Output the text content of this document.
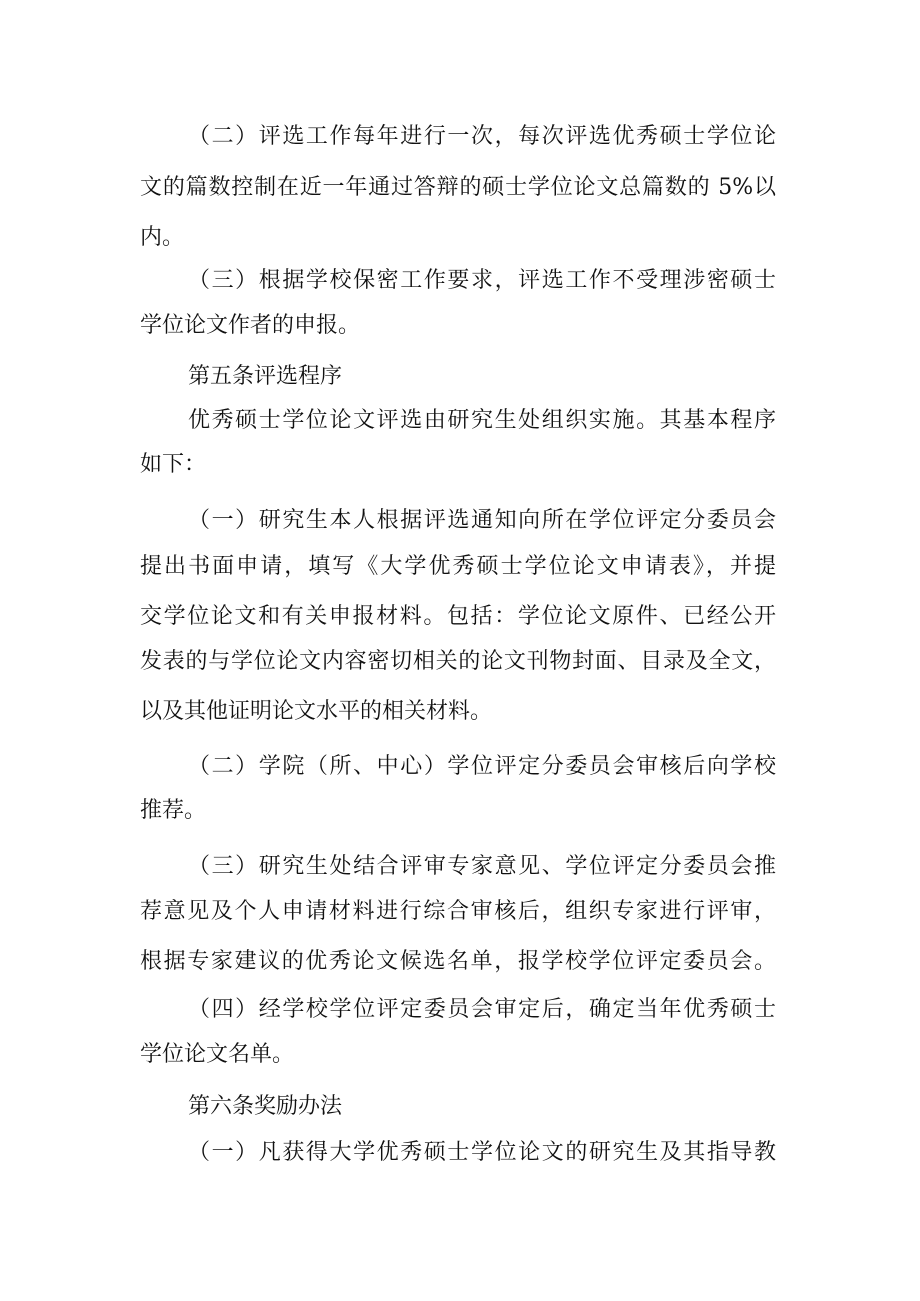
（二）评选工作每年进行一次，每次评选优秀硕士学位论
文的篇数控制在近一年通过答辩的硕士学位论文总篇数的 5%以
内。
（三）根据学校保密工作要求，评选工作不受理涉密硕士
学位论文作者的申报。
第五条评选程序
优秀硕士学位论文评选由研究生处组织实施。其基本程序
如下：
（一）研究生本人根据评选通知向所在学位评定分委员会
提出书面申请，填写《大学优秀硕士学位论文申请表》，并提
交学位论文和有关申报材料。包括：学位论文原件、已经公开
发表的与学位论文内容密切相关的论文刊物封面、目录及全文，
以及其他证明论文水平的相关材料。
（二）学院（所、中心）学位评定分委员会审核后向学校
推荐。
（三）研究生处结合评审专家意见、学位评定分委员会推
荐意见及个人申请材料进行综合审核后，组织专家进行评审，
根据专家建议的优秀论文候选名单，报学校学位评定委员会。
（四）经学校学位评定委员会审定后，确定当年优秀硕士
学位论文名单。
第六条奖励办法
（一）凡获得大学优秀硕士学位论文的研究生及其指导教
